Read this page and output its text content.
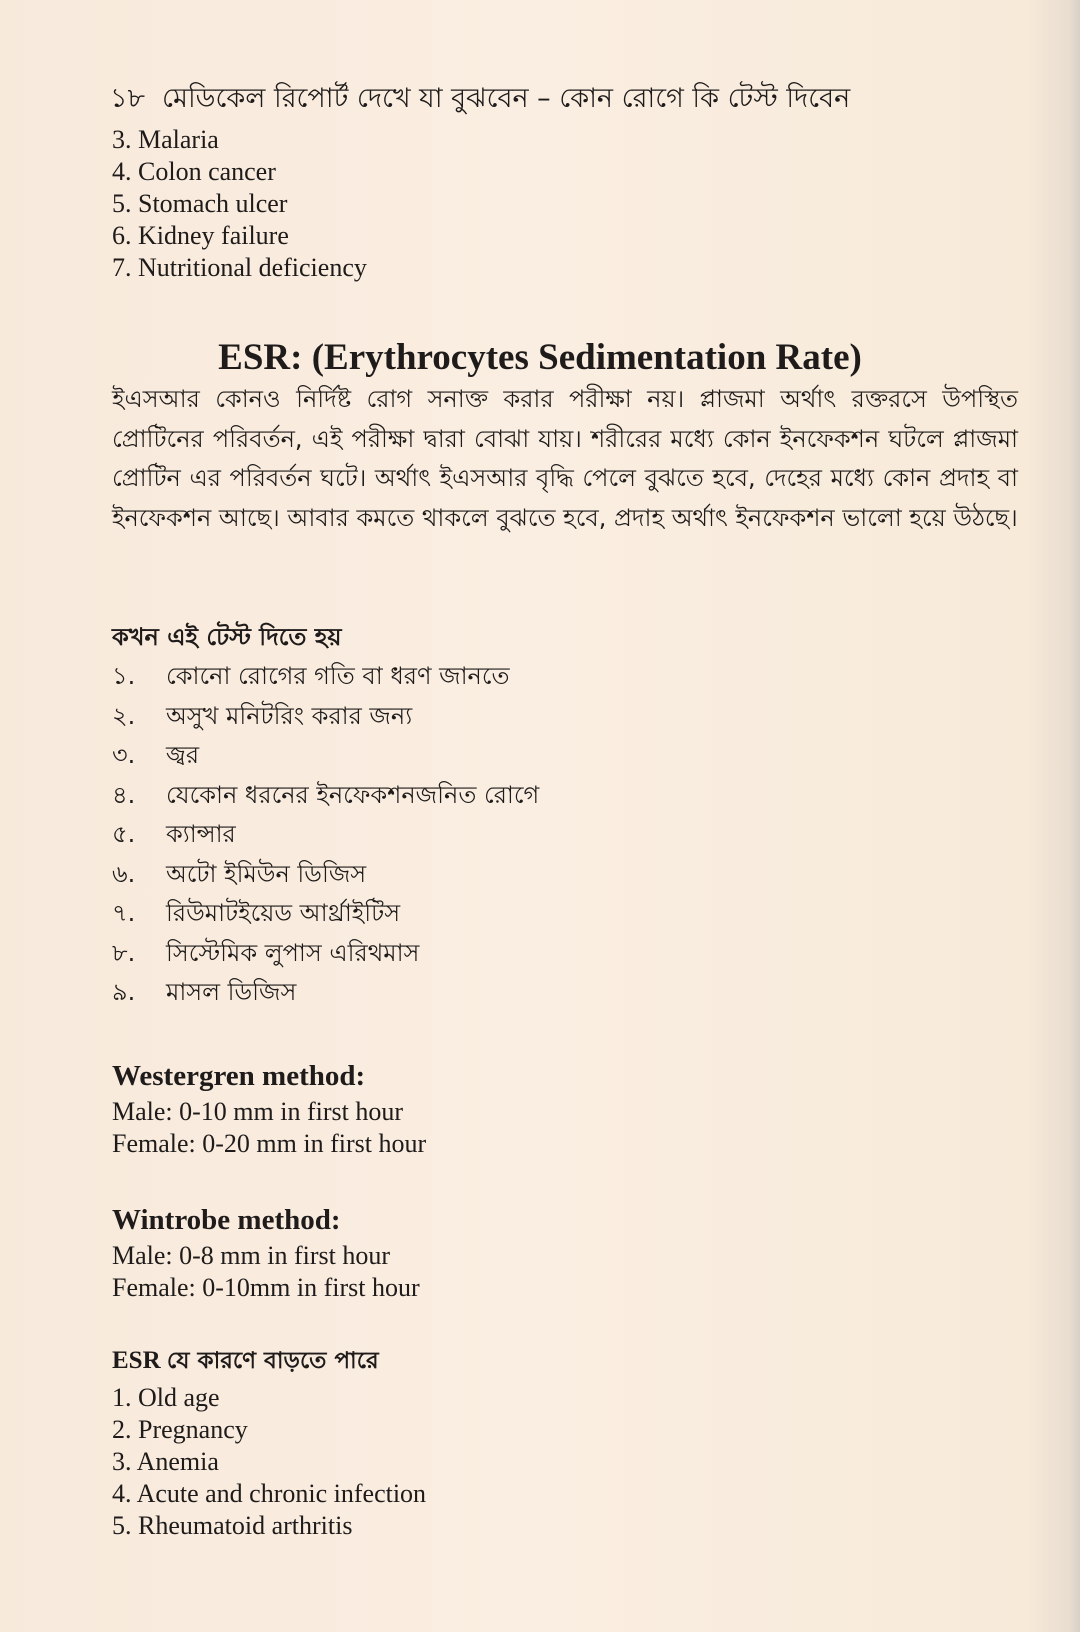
১৮ মেডিকেল রিপোর্ট দেখে যা বুঝবেন – কোন রোগে কি টেস্ট দিবেন
3. Malaria
4. Colon cancer
5. Stomach ulcer
6. Kidney failure
7. Nutritional deficiency
ESR: (Erythrocytes Sedimentation Rate)

ইএসআর কোনও নির্দিষ্ট রোগ সনাক্ত করার পরীক্ষা নয়। প্লাজমা অর্থাৎ রক্তরসে উপস্থিত প্রোটিনের পরিবর্তন, এই পরীক্ষা দ্বারা বোঝা যায়। শরীরের মধ্যে কোন ইনফেকশন ঘটলে প্লাজমা প্রোটিন এর পরিবর্তন ঘটে। অর্থাৎ ইএসআর বৃদ্ধি পেলে বুঝতে হবে, দেহের মধ্যে কোন প্রদাহ বা ইনফেকশন আছে। আবার কমতে থাকলে বুঝতে হবে, প্রদাহ অর্থাৎ ইনফেকশন ভালো হয়ে উঠছে।

কখন এই টেস্ট দিতে হয়
১.	কোনো রোগের গতি বা ধরণ জানতে
২.	অসুখ মনিটরিং করার জন্য
৩.	জ্বর
৪.	যেকোন ধরনের ইনফেকশনজনিত রোগে
৫.	ক্যান্সার
৬.	অটো ইমিউন ডিজিস
৭.	রিউমাটইয়েড আর্থ্রাইটিস
৮.	সিস্টেমিক লুপাস এরিথমাস
৯.	মাসল ডিজিস
Westergren method:
Male: 0-10 mm in first hour
Female: 0-20 mm in first hour
Wintrobe method:
Male: 0-8 mm in first hour
Female: 0-10mm in first hour
ESR যে কারণে বাড়তে পারে
1. Old age
2. Pregnancy
3. Anemia
4. Acute and chronic infection
5. Rheumatoid arthritis
